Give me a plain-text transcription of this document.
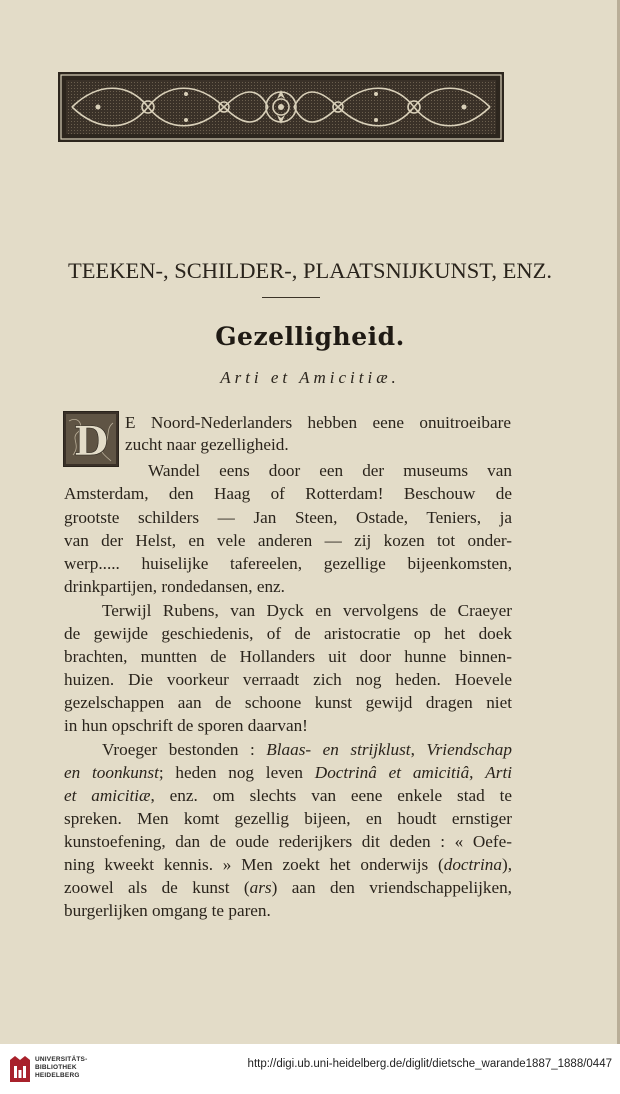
TEEKEN-, SCHILDER-, PLAATSNIJKUNST, ENZ.
Gezelligheid.
Arti et Amicitiæ.
D E Noord-Nederlanders hebben eene onuitroeibare
zucht naar gezelligheid.
Wandel eens door een der museums van
Amsterdam, den Haag of Rotterdam! Beschouw de
grootste schilders — Jan Steen, Ostade, Teniers, ja
van der Helst, en vele anderen — zij kozen tot onder-
werp..... huiselijke tafereelen, gezellige bijeenkomsten,
drinkpartijen, rondedansen, enz.
Terwijl Rubens, van Dyck en vervolgens de Craeyer
de gewijde geschiedenis, of de aristocratie op het doek
brachten, muntten de Hollanders uit door hunne binnen-
huizen. Die voorkeur verraadt zich nog heden. Hoevele
gezelschappen aan de schoone kunst gewijd dragen niet
in hun opschrift de sporen daarvan!
Vroeger bestonden : Blaas- en strijklust, Vriendschap
en toonkunst; heden nog leven Doctrinâ et amicitiâ, Arti
et amicitiæ, enz. om slechts van eene enkele stad te
spreken. Men komt gezellig bijeen, en houdt ernstiger
kunstoefening, dan de oude rederijkers dit deden : « Oefe-
ning kweekt kennis. » Men zoekt het onderwijs (doctrina),
zoowel als de kunst (ars) aan den vriendschappelijken,
burgerlijken omgang te paren.
UNIVERSITÄTS-
BIBLIOTHEK
HEIDELBERG
http://digi.ub.uni-heidelberg.de/diglit/dietsche_warande1887_1888/0447
